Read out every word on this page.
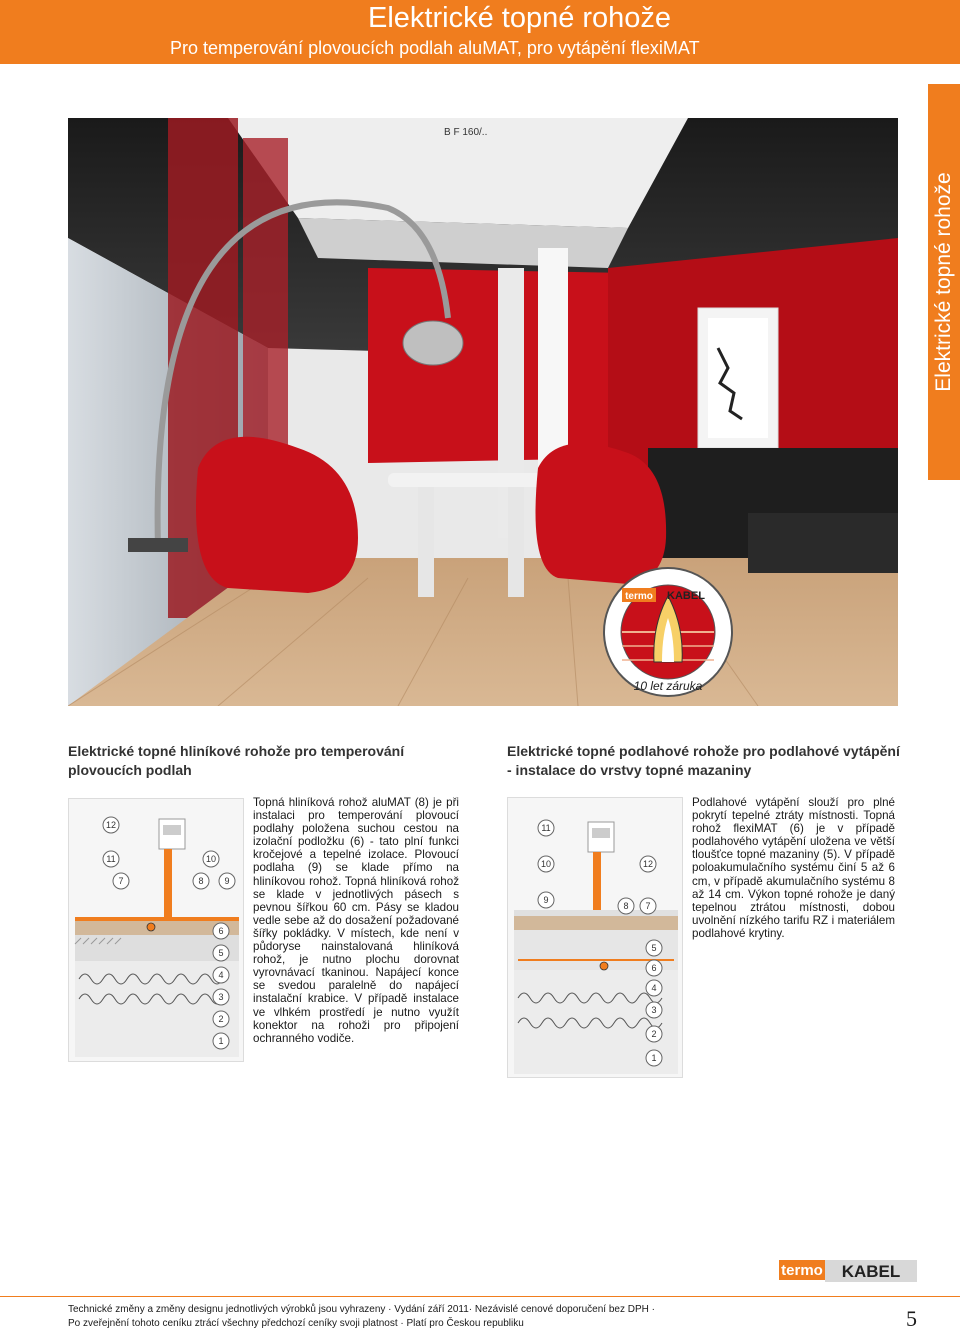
Elektrické topné rohože
Pro temperování plovoucích podlah aluMAT, pro vytápění flexiMAT
Elektrické topné rohože
termo KABEL
10 let záruka
B F 160/..
Elektrické topné hliníkové rohože pro temperování plovoucích podlah
Elektrické topné podlahové rohože pro podlahové vytápění - instalace do vrstvy topné mazaniny
12
11	10
7	8 9
6
5
4
3
2
1
11
10	12
9
8 7
5
6
4
3
2
1
Topná hliníková rohož aluMAT (8) je při instalaci pro temperování plovoucí podlahy položena suchou cestou na izolační podložku (6) - tato plní funkci kročejové a tepelné izolace. Plovoucí podlaha (9) se klade přímo na hliníkovou rohož. Topná hliníková rohož se klade v jednotlivých pásech s pevnou šířkou 60 cm. Pásy se kladou vedle sebe až do dosažení požadované šířky pokládky. V místech, kde není v půdoryse nainstalovaná hliníková rohož, je nutno plochu dorovnat vyrovnávací tkaninou. Napájecí konce se svedou paralelně do napájecí instalační krabice. V případě instalace ve vlhkém prostředí je nutno využít konektor na rohoži pro připojení ochranného vodiče.
Podlahové vytápění slouží pro plné pokrytí tepelné ztráty místnosti. Topná rohož flexiMAT (6) je v případě podlahového vytápění uložena ve větší tloušťce topné mazaniny (5). V případě poloakumulačního systému činí 5 až 6 cm, v případě akumulačního systému 8 až 14 cm. Výkon topné rohože je daný tepelnou ztrátou místnosti, dobou uvolnění nízkého tarifu RZ i materiálem podlahové krytiny.
termo KABEL
Technické změny a změny designu jednotlivých výrobků jsou vyhrazeny · Vydání září 2011· Nezávislé cenové doporučení bez DPH ·
Po zveřejnění tohoto ceníku ztrácí všechny předchozí ceníky svoji platnost · Platí pro Českou republiku	5
